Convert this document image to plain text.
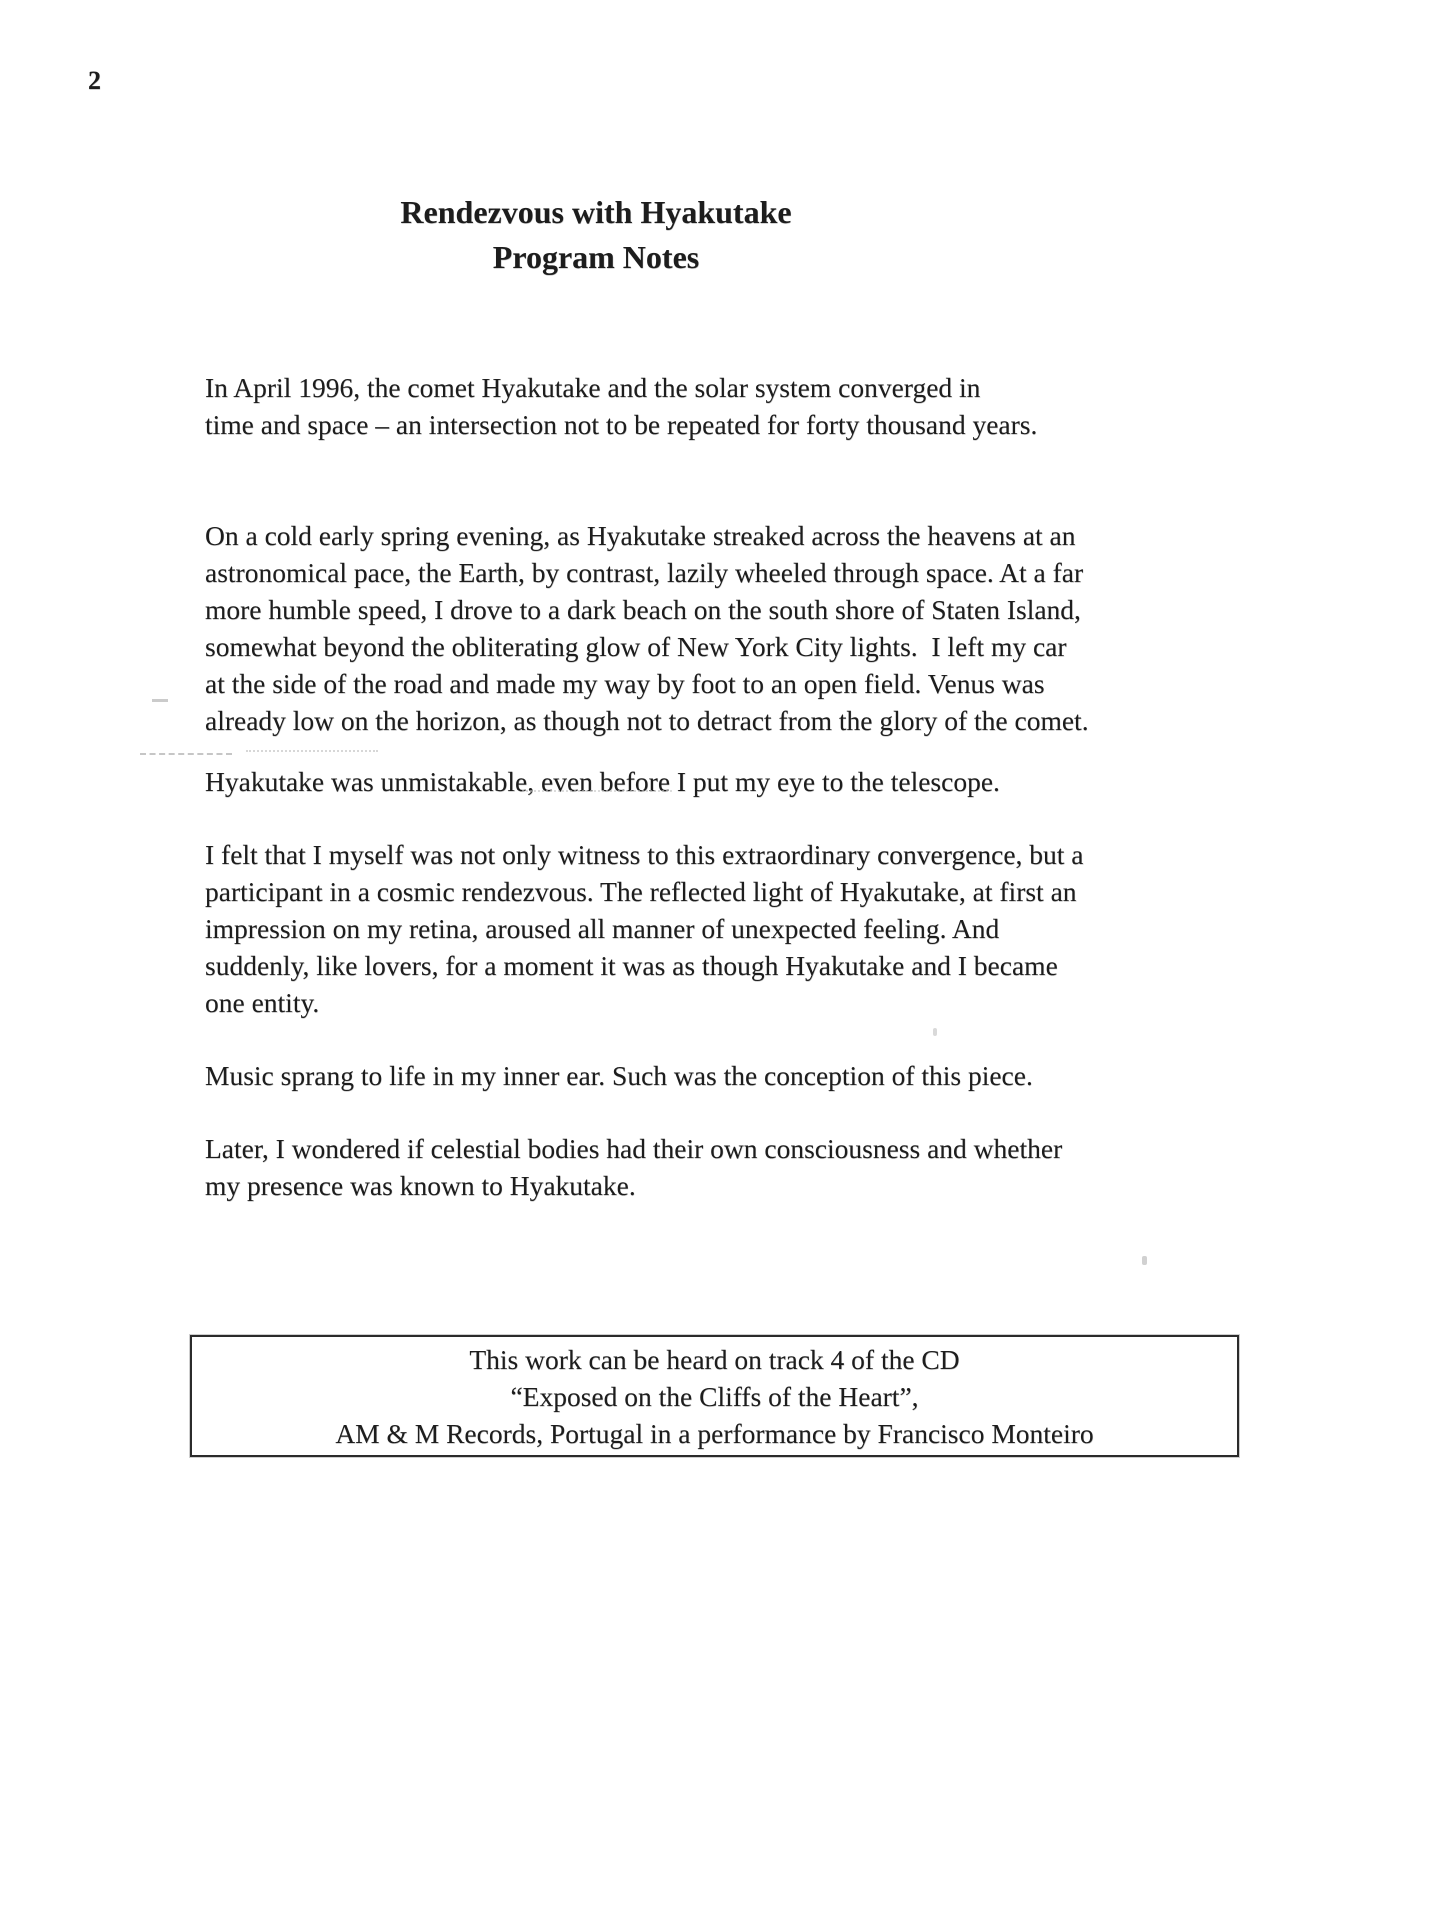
2
Rendezvous with Hyakutake
Program Notes
In April 1996, the comet Hyakutake and the solar system converged in
time and space – an intersection not to be repeated for forty thousand years.
On a cold early spring evening, as Hyakutake streaked across the heavens at an
astronomical pace, the Earth, by contrast, lazily wheeled through space. At a far
more humble speed, I drove to a dark beach on the south shore of Staten Island,
somewhat beyond the obliterating glow of New York City lights.  I left my car
at the side of the road and made my way by foot to an open field. Venus was
already low on the horizon, as though not to detract from the glory of the comet.
Hyakutake was unmistakable, even before I put my eye to the telescope.
I felt that I myself was not only witness to this extraordinary convergence, but a
participant in a cosmic rendezvous. The reflected light of Hyakutake, at first an
impression on my retina, aroused all manner of unexpected feeling. And
suddenly, like lovers, for a moment it was as though Hyakutake and I became
one entity.
Music sprang to life in my inner ear. Such was the conception of this piece.
Later, I wondered if celestial bodies had their own consciousness and whether
my presence was known to Hyakutake.
This work can be heard on track 4 of the CD
“Exposed on the Cliffs of the Heart”,
AM & M Records, Portugal in a performance by Francisco Monteiro
